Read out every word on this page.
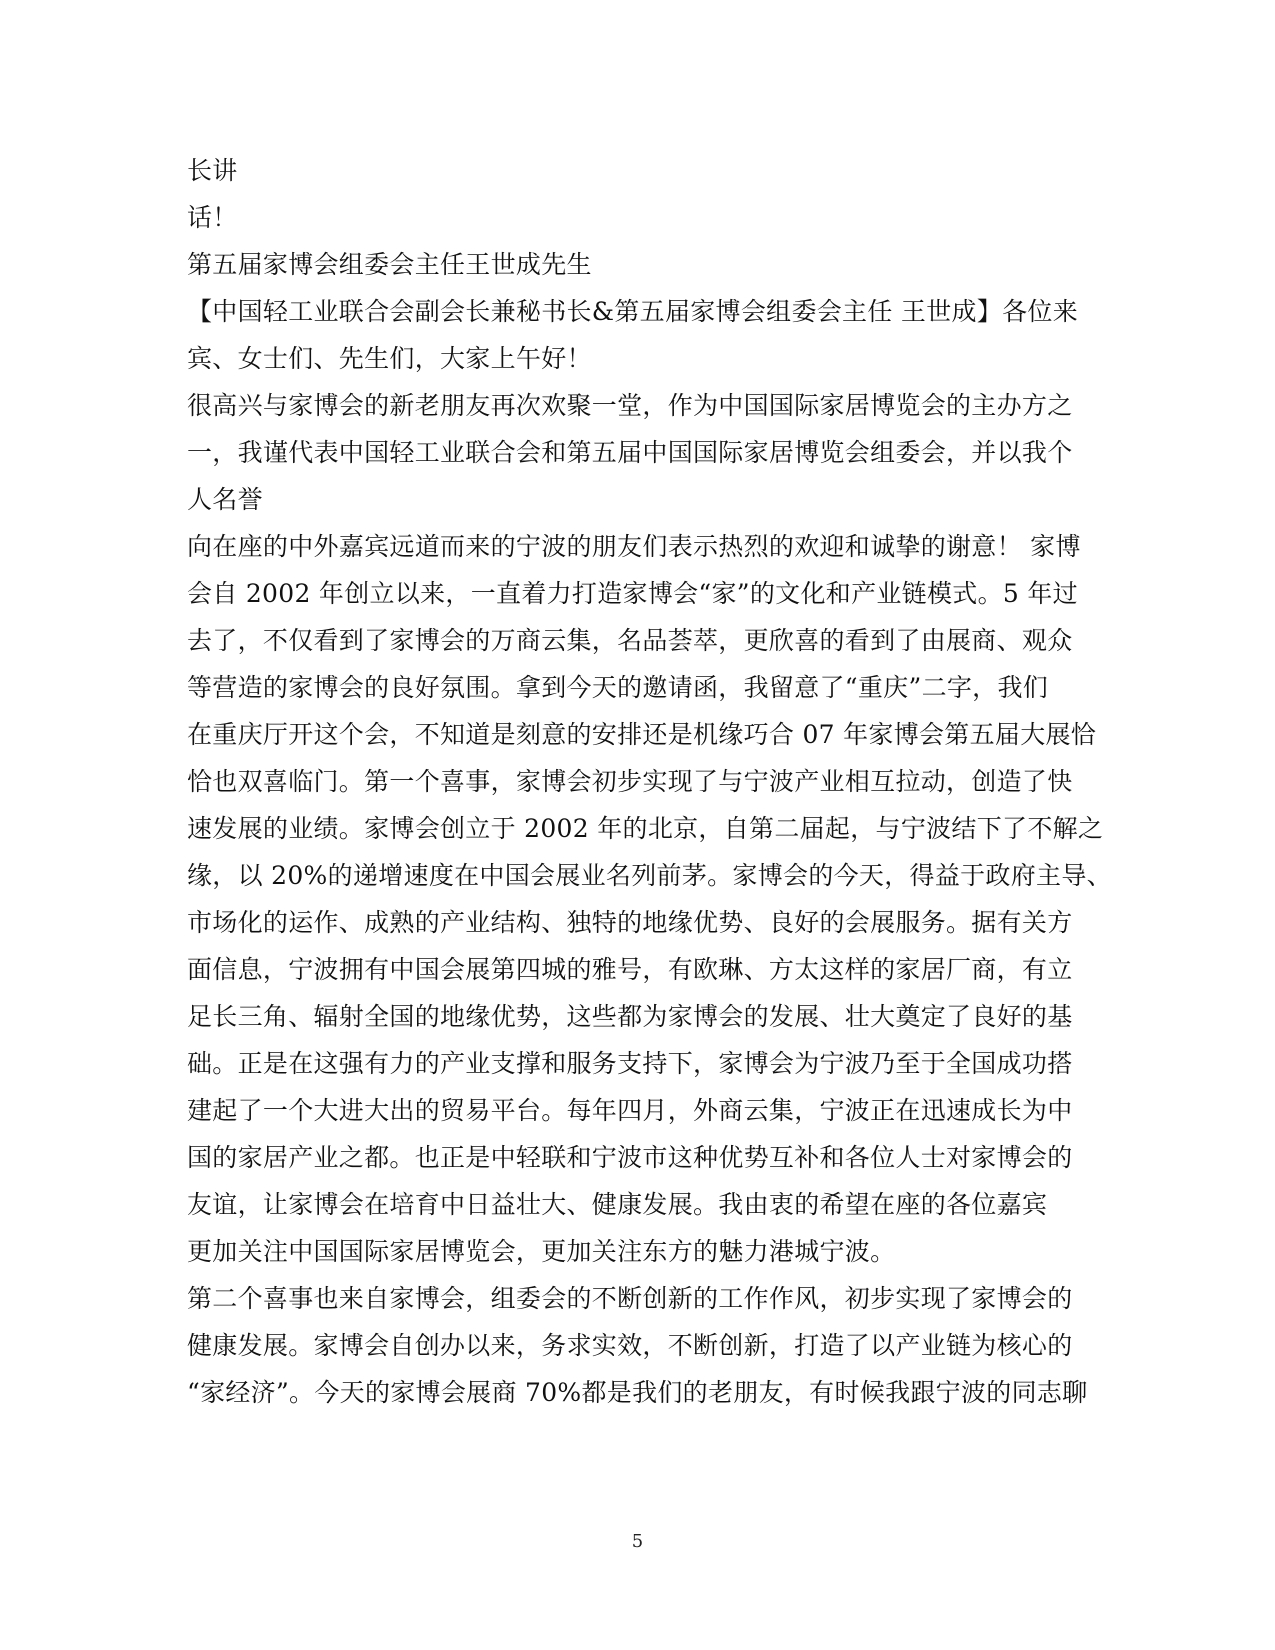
长讲
话！
第五届家博会组委会主任王世成先生
【中国轻工业联合会副会长兼秘书长&第五届家博会组委会主任 王世成】各位来
宾、女士们、先生们，大家上午好！
很高兴与家博会的新老朋友再次欢聚一堂，作为中国国际家居博览会的主办方之
一，我谨代表中国轻工业联合会和第五届中国国际家居博览会组委会，并以我个
人名誉
向在座的中外嘉宾远道而来的宁波的朋友们表示热烈的欢迎和诚挚的谢意！ 家博
会自 2002 年创立以来，一直着力打造家博会“家”的文化和产业链模式。5 年过
去了，不仅看到了家博会的万商云集，名品荟萃，更欣喜的看到了由展商、观众
等营造的家博会的良好氛围。拿到今天的邀请函，我留意了“重庆”二字，我们
在重庆厅开这个会，不知道是刻意的安排还是机缘巧合 07 年家博会第五届大展恰
恰也双喜临门。第一个喜事，家博会初步实现了与宁波产业相互拉动，创造了快
速发展的业绩。家博会创立于 2002 年的北京，自第二届起，与宁波结下了不解之
缘，以 20%的递增速度在中国会展业名列前茅。家博会的今天，得益于政府主导、
市场化的运作、成熟的产业结构、独特的地缘优势、良好的会展服务。据有关方
面信息，宁波拥有中国会展第四城的雅号，有欧琳、方太这样的家居厂商，有立
足长三角、辐射全国的地缘优势，这些都为家博会的发展、壮大奠定了良好的基
础。正是在这强有力的产业支撑和服务支持下，家博会为宁波乃至于全国成功搭
建起了一个大进大出的贸易平台。每年四月，外商云集，宁波正在迅速成长为中
国的家居产业之都。也正是中轻联和宁波市这种优势互补和各位人士对家博会的
友谊，让家博会在培育中日益壮大、健康发展。我由衷的希望在座的各位嘉宾
更加关注中国国际家居博览会，更加关注东方的魅力港城宁波。
第二个喜事也来自家博会，组委会的不断创新的工作作风，初步实现了家博会的
健康发展。家博会自创办以来，务求实效，不断创新，打造了以产业链为核心的
“家经济”。今天的家博会展商 70%都是我们的老朋友，有时候我跟宁波的同志聊
5
